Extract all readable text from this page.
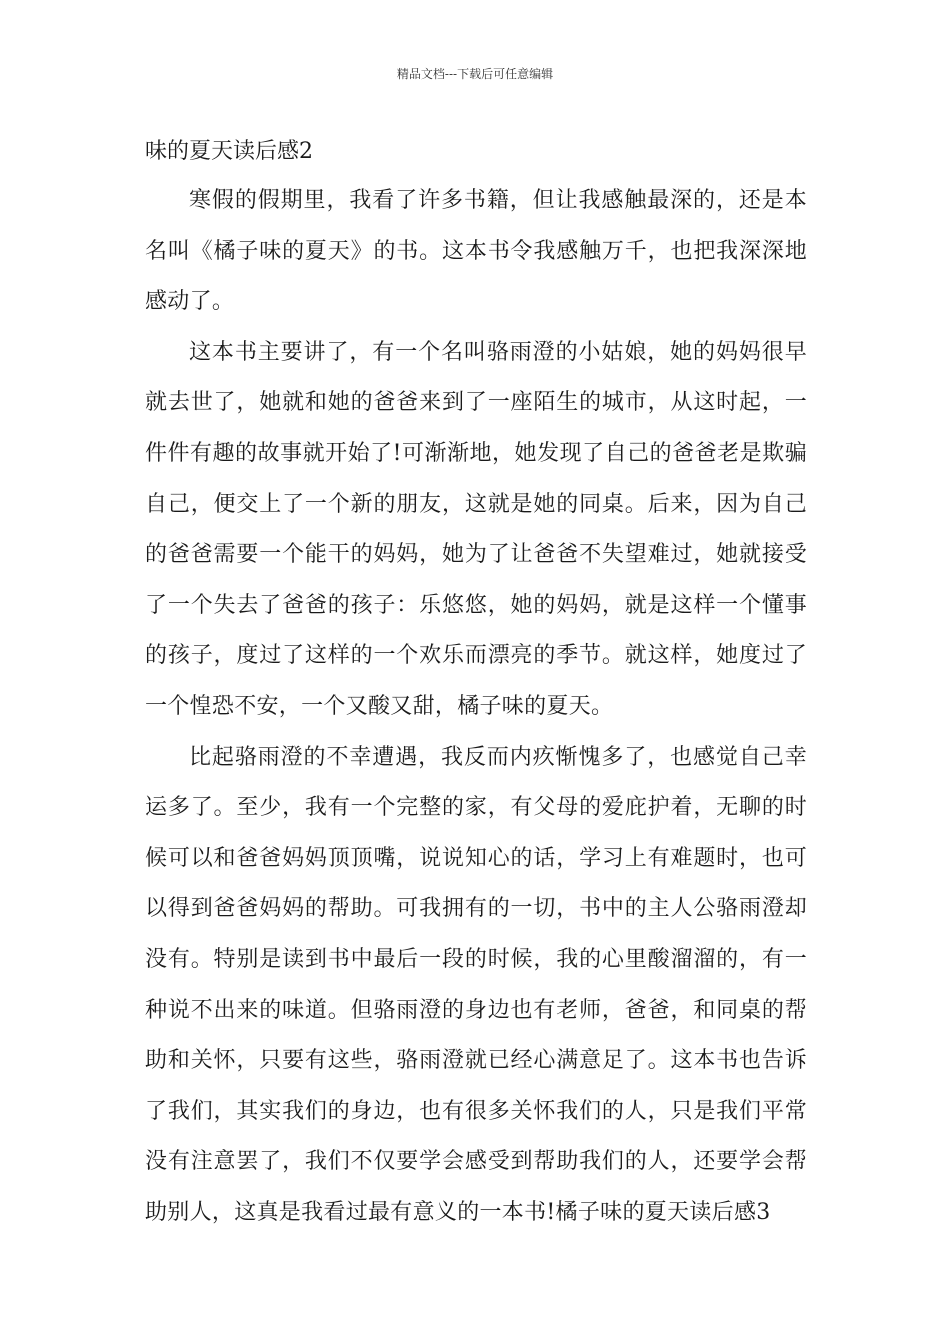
精品文档---下载后可任意编辑

味的夏天读后感2

寒假的假期里，我看了许多书籍，但让我感触最深的，还是本名叫《橘子味的夏天》的书。这本书令我感触万千，也把我深深地感动了。

这本书主要讲了，有一个名叫骆雨澄的小姑娘，她的妈妈很早就去世了，她就和她的爸爸来到了一座陌生的城市，从这时起，一件件有趣的故事就开始了!可渐渐地，她发现了自己的爸爸老是欺骗自己，便交上了一个新的朋友，这就是她的同桌。后来，因为自己的爸爸需要一个能干的妈妈，她为了让爸爸不失望难过，她就接受了一个失去了爸爸的孩子：乐悠悠，她的妈妈，就是这样一个懂事的孩子，度过了这样的一个欢乐而漂亮的季节。就这样，她度过了一个惶恐不安，一个又酸又甜，橘子味的夏天。

比起骆雨澄的不幸遭遇，我反而内疚惭愧多了，也感觉自己幸运多了。至少，我有一个完整的家，有父母的爱庇护着，无聊的时候可以和爸爸妈妈顶顶嘴，说说知心的话，学习上有难题时，也可以得到爸爸妈妈的帮助。可我拥有的一切，书中的主人公骆雨澄却没有。特别是读到书中最后一段的时候，我的心里酸溜溜的，有一种说不出来的味道。但骆雨澄的身边也有老师，爸爸，和同桌的帮助和关怀，只要有这些，骆雨澄就已经心满意足了。这本书也告诉了我们，其实我们的身边，也有很多关怀我们的人，只是我们平常没有注意罢了，我们不仅要学会感受到帮助我们的人，还要学会帮助别人，这真是我看过最有意义的一本书!橘子味的夏天读后感3
